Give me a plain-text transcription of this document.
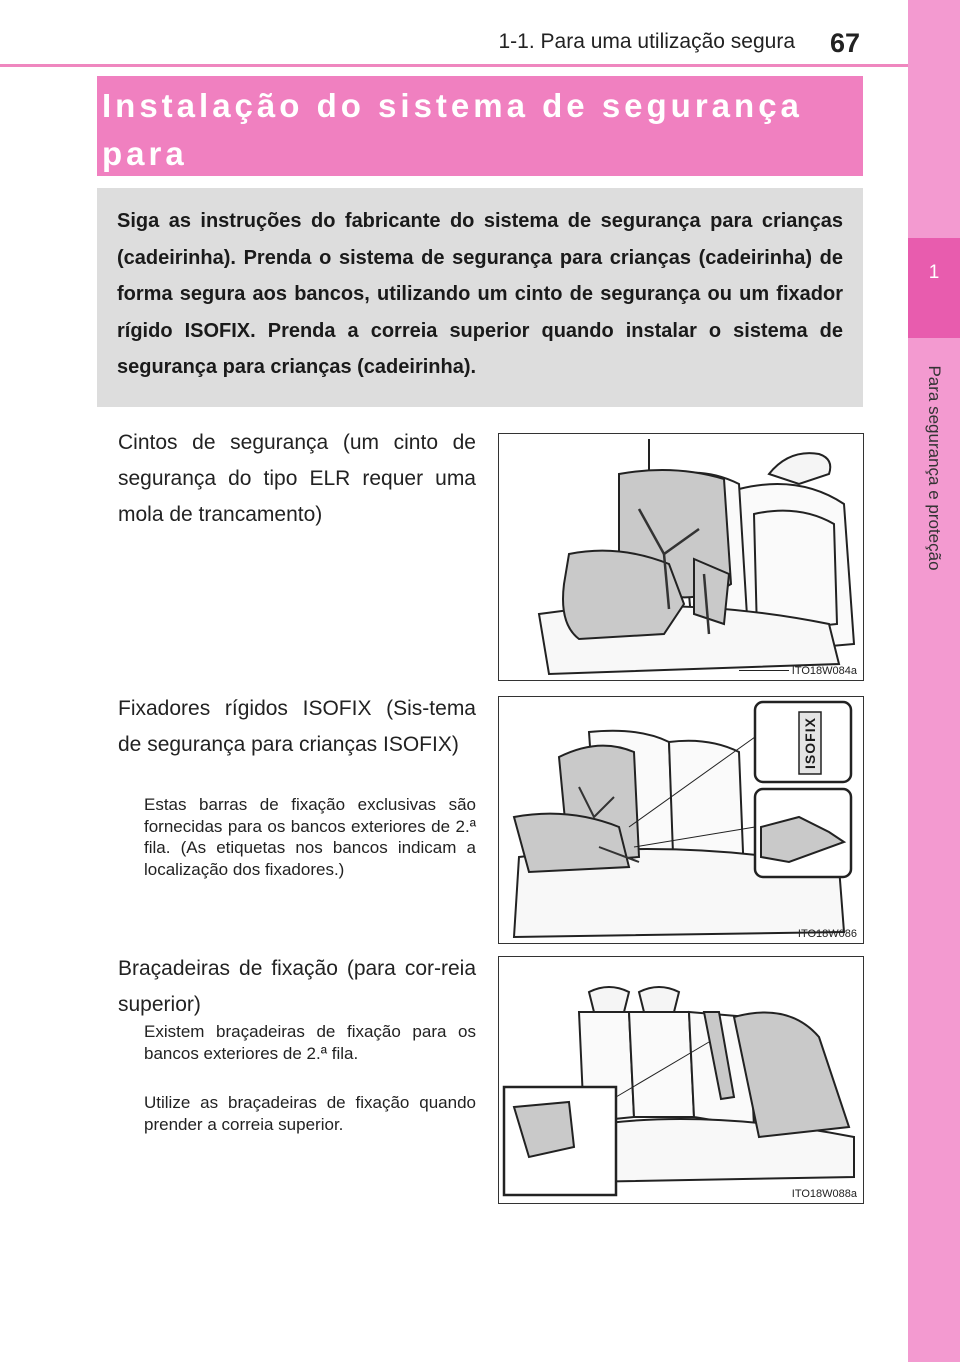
1-1. Para uma utilização segura 67
1
Para segurança e proteção
Instalação do sistema de segurança para
Siga as instruções do fabricante do sistema de segurança para crianças (cadeirinha). Prenda o sistema de segurança para crianças (cadeirinha) de forma segura aos bancos, utilizando um cinto de segurança ou um fixador rígido ISOFIX. Prenda a correia superior quando instalar o sistema de segurança para crianças (cadeirinha).
Cintos de segurança (um cinto de segurança do tipo ELR requer uma mola de trancamento)
ITO18W084a
Fixadores rígidos ISOFIX (Sis-tema de segurança para crianças ISOFIX)
Estas barras de fixação exclusivas são fornecidas para os bancos exteriores de 2.ª fila. (As etiquetas nos bancos indicam a localização dos fixadores.)
ISOFIX
ITO18W086
Braçadeiras de fixação (para cor-reia superior)
Existem braçadeiras de fixação para os bancos exteriores de 2.ª fila.
Utilize as braçadeiras de fixação quando prender a correia superior.
ITO18W088a
